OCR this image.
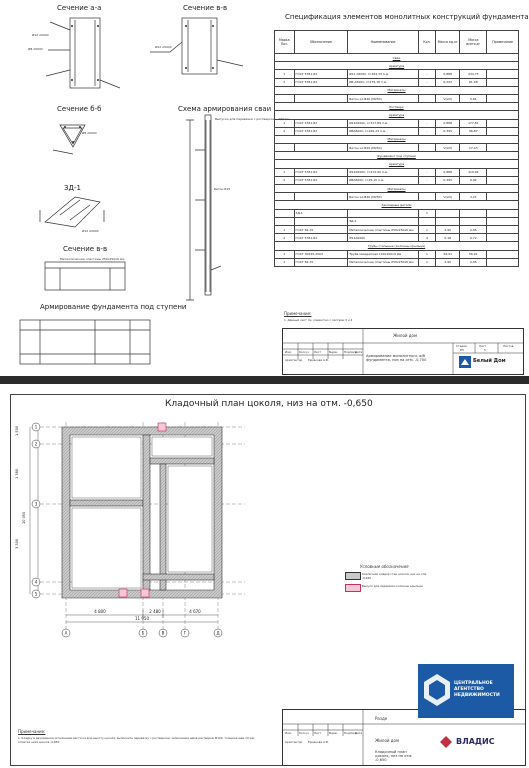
Сечение а-а	Сечение в-в
Сечение б-б	Схема армирования сваи
ЗД-1
Сечение в-в
Армирование фундамента под ступени
Ø12 А500С
Ø8 А500С	Ø12 А500С
Ø8 А500С
Бетон В15
Ø12 А500С
Выпуски для перевязки с ростверком – 200 мм
Металлические пластины 250х250х6 мм
Спецификация элементов монолитных конструкций фундамента
Марка Поз.	Обозначение	Наименование	Кол.	Масса ед.кг	Масса всего,кг	Примечание
Сваи						
Арматура						
1	ГОСТ 5781-82	Ø12 А500С, l=264,33 п.м.	-	0,888	234,73	
2	ГОСТ 5781-82	Ø6 А500С, l=279,18 п.м.	-	0,222	61,98	
Материалы						
		Бетон кл.В20 (М250)		V(м3)	5,61	
Ростверк						
Арматура						
1	ГОСТ 5781-82	Ø12А500С, l=317,89 п.м.	-	0,888	177,81	
2	ГОСТ 5781-82	Ø8А500С, l=245,23 п.м.	-	0,395	96,87	
Материалы						
		Бетон кл.В20 (М250)		V(м3)	17,43	
Фундамент под ступени						
Арматура						
1	ГОСТ 5781-82	Ø12А500С, l=472,90 п.м.	-	0,888	419,94	
2	ГОСТ 5781-82	Ø8А500С, l=25,10 п.м.	-	0,395	9,92	
Материалы						
		Бетон кл.В20 (М250)		V(м3)	3,21	
Закладные детали						
	ЗД-1		1			
		ЗД-1				
1	ГОСТ 82-70	Металлические пластины 250х250х6 мм	1	2,95	2,95	
2	ГОСТ 5781-82	Ø12А500С	4	0,18	0,72	
Трубы стальные (колонны крыльца)						
1	ГОСТ 30245-2003	Труба квадратная 100х100х4 мм	1	56,91	56,91	
1	ГОСТ 82-70	Металлические пластины 250х250х6 мм	1	2,95	2,95	
Примечание:
1. Данный лист см. совместно с листами 3 и 4
Изм.	Кол.уч. Лист	№док. Подпись
Дата
Архитектор Ермакова А.В.
Жилой дом
Армирование монолитного ж/б фундамента, низ на отм. -0,700
Стадия	Лист	Листов
РП	5
Белый Дом
Кладочный план цоколя, низ на отм. -0,650
А	Б	В	Г	Д
1
2
3
4
5
4 800	2 480	4 670
11 950
1 500
1 380
3 300
10 050
Условные обозначения
Кирпичная кладка стен цоколя, низ на отм. -0,650
Выпуск для перевязки колонны крыльца
Примечание:
1. Кладку в двухрядном исполнении вести на всю высоту цоколя; выполнить перевязку с ростверком; заполнение швов раствором М100, толщина шва 10 мм; отметка низа цоколя -0,650
Изм.	Кол.уч. Лист	№док. Подпись
Дата
Архитектор Ермакова А.В.
Разде
Жилой дом
Кладочный план цоколя, низ на отм. -0,650
ЦЕНТРАЛЬНОЕ АГЕНТСТВО НЕДВИЖИМОСТИ
ВЛАДИС
